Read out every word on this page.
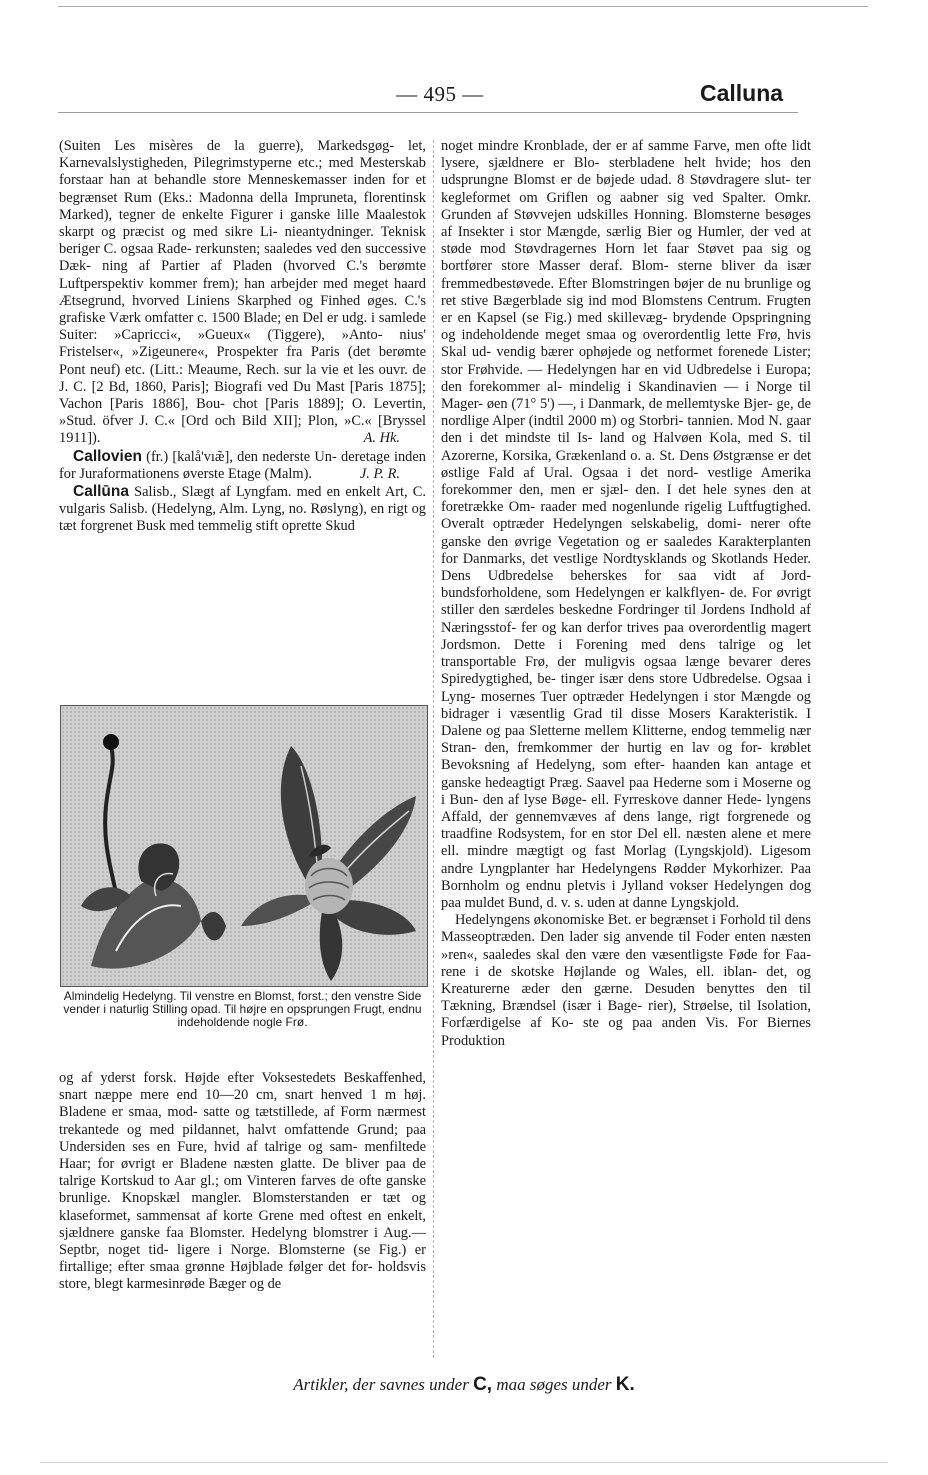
— 495 —	Calluna

(Suiten Les misères de la guerre), Markedsgøg- let, Karnevalslystigheden, Pilegrimstyperne etc.; med Mesterskab forstaar han at behandle store Menneskemasser inden for et begrænset Rum (Eks.: Madonna della Impruneta, florentinsk Marked), tegner de enkelte Figurer i ganske lille Maalestok skarpt og præcist og med sikre Li- nieantydninger. Teknisk beriger C. ogsaa Rade- rerkunsten; saaledes ved den successive Dæk- ning af Partier af Pladen (hvorved C.'s berømte Luftperspektiv kommer frem); han arbejder med meget haard Ætsegrund, hvorved Liniens Skarphed og Finhed øges. C.'s grafiske Værk omfatter c. 1500 Blade; en Del er udg. i samlede Suiter: »Capricci«, »Gueux« (Tiggere), »Anto- nius' Fristelser«, »Zigeunere«, Prospekter fra Paris (det berømte Pont neuf) etc. (Litt.: Meaume, Rech. sur la vie et les ouvr. de J. C. [2 Bd, 1860, Paris]; Biografi ved Du Mast [Paris 1875]; Vachon [Paris 1886], Bou- chot [Paris 1889]; O. Levertin, »Stud. öfver J. C.« [Ord och Bild XII]; Plon, »C.« [Bryssel 1911]).	A. Hk.

Callovien (fr.) [kalå'vıæ̃], den nederste Un- deretage inden for Juraformationens øverste Etage (Malm).	J. P. R.

Callūna Salisb., Slægt af Lyngfam. med en enkelt Art, C. vulgaris Salisb. (Hedelyng, Alm. Lyng, no. Røslyng), en rigt og tæt forgrenet Busk med temmelig stift oprette Skud

Almindelig Hedelyng. Til venstre en Blomst, forst.; den venstre Side vender i naturlig Stilling opad. Til højre en opsprungen Frugt, endnu indeholdende nogle Frø.

og af yderst forsk. Højde efter Voksestedets Beskaffenhed, snart næppe mere end 10—20 cm, snart henved 1 m høj. Bladene er smaa, mod- satte og tætstillede, af Form nærmest trekantede og med pildannet, halvt omfattende Grund; paa Undersiden ses en Fure, hvid af talrige og sam- menfiltede Haar; for øvrigt er Bladene næsten glatte. De bliver paa de talrige Kortskud to Aar gl.; om Vinteren farves de ofte ganske brunlige. Knopskæl mangler. Blomsterstanden er tæt og klaseformet, sammensat af korte Grene med oftest en enkelt, sjældnere ganske faa Blomster. Hedelyng blomstrer i Aug.—Septbr, noget tid- ligere i Norge. Blomsterne (se Fig.) er firtallige; efter smaa grønne Højblade følger det for- holdsvis store, blegt karmesinrøde Bæger og de

noget mindre Kronblade, der er af samme Farve, men ofte lidt lysere, sjældnere er Blo- sterbladene helt hvide; hos den udsprungne Blomst er de bøjede udad. 8 Støvdragere slut- ter kegleformet om Griflen og aabner sig ved Spalter. Omkr. Grunden af Støvvejen udskilles Honning. Blomsterne besøges af Insekter i stor Mængde, særlig Bier og Humler, der ved at støde mod Støvdragernes Horn let faar Støvet paa sig og bortfører store Masser deraf. Blom- sterne bliver da især fremmedbestøvede. Efter Blomstringen bøjer de nu brunlige og ret stive Bægerblade sig ind mod Blomstens Centrum. Frugten er en Kapsel (se Fig.) med skillevæg- brydende Opspringning og indeholdende meget smaa og overordentlig lette Frø, hvis Skal ud- vendig bærer ophøjede og netformet forenede Lister; stor Frøhvide. — Hedelyngen har en vid Udbredelse i Europa; den forekommer al- mindelig i Skandinavien — i Norge til Mager- øen (71° 5') —, i Danmark, de mellemtyske Bjer- ge, de nordlige Alper (indtil 2000 m) og Storbri- tannien. Mod N. gaar den i det mindste til Is- land og Halvøen Kola, med S. til Azorerne, Korsika, Grækenland o. a. St. Dens Østgrænse er det østlige Fald af Ural. Ogsaa i det nord- vestlige Amerika forekommer den, men er sjæl- den. I det hele synes den at foretrække Om- raader med nogenlunde rigelig Luftfugtighed. Overalt optræder Hedelyngen selskabelig, domi- nerer ofte ganske den øvrige Vegetation og er saaledes Karakterplanten for Danmarks, det vestlige Nordtysklands og Skotlands Heder. Dens Udbredelse beherskes for saa vidt af Jord- bundsforholdene, som Hedelyngen er kalkflyen- de. For øvrigt stiller den særdeles beskedne Fordringer til Jordens Indhold af Næringsstof- fer og kan derfor trives paa overordentlig magert Jordsmon. Dette i Forening med dens talrige og let transportable Frø, der muligvis ogsaa længe bevarer deres Spiredygtighed, be- tinger især dens store Udbredelse. Ogsaa i Lyng- mosernes Tuer optræder Hedelyngen i stor Mængde og bidrager i væsentlig Grad til disse Mosers Karakteristik. I Dalene og paa Sletterne mellem Klitterne, endog temmelig nær Stran- den, fremkommer der hurtig en lav og for- krøblet Bevoksning af Hedelyng, som efter- haanden kan antage et ganske hedeagtigt Præg. Saavel paa Hederne som i Moserne og i Bun- den af lyse Bøge- ell. Fyrreskove danner Hede- lyngens Affald, der gennemvæves af dens lange, rigt forgrenede og traadfine Rodsystem, for en stor Del ell. næsten alene et mere ell. mindre mægtigt og fast Morlag (Lyngskjold). Ligesom andre Lyngplanter har Hedelyngens Rødder Mykorhizer. Paa Bornholm og endnu pletvis i Jylland vokser Hedelyngen dog paa muldet Bund, d. v. s. uden at danne Lyngskjold.

Hedelyngens økonomiske Bet. er begrænset i Forhold til dens Masseoptræden. Den lader sig anvende til Foder enten næsten »ren«, saaledes skal den være den væsentligste Føde for Faa- rene i de skotske Højlande og Wales, ell. iblan- det, og Kreaturerne æder den gærne. Desuden benyttes den til Tækning, Brændsel (især i Bage- rier), Strøelse, til Isolation, Forfærdigelse af Ko- ste og paa anden Vis. For Biernes Produktion

Artikler, der savnes under C, maa søges under K.
